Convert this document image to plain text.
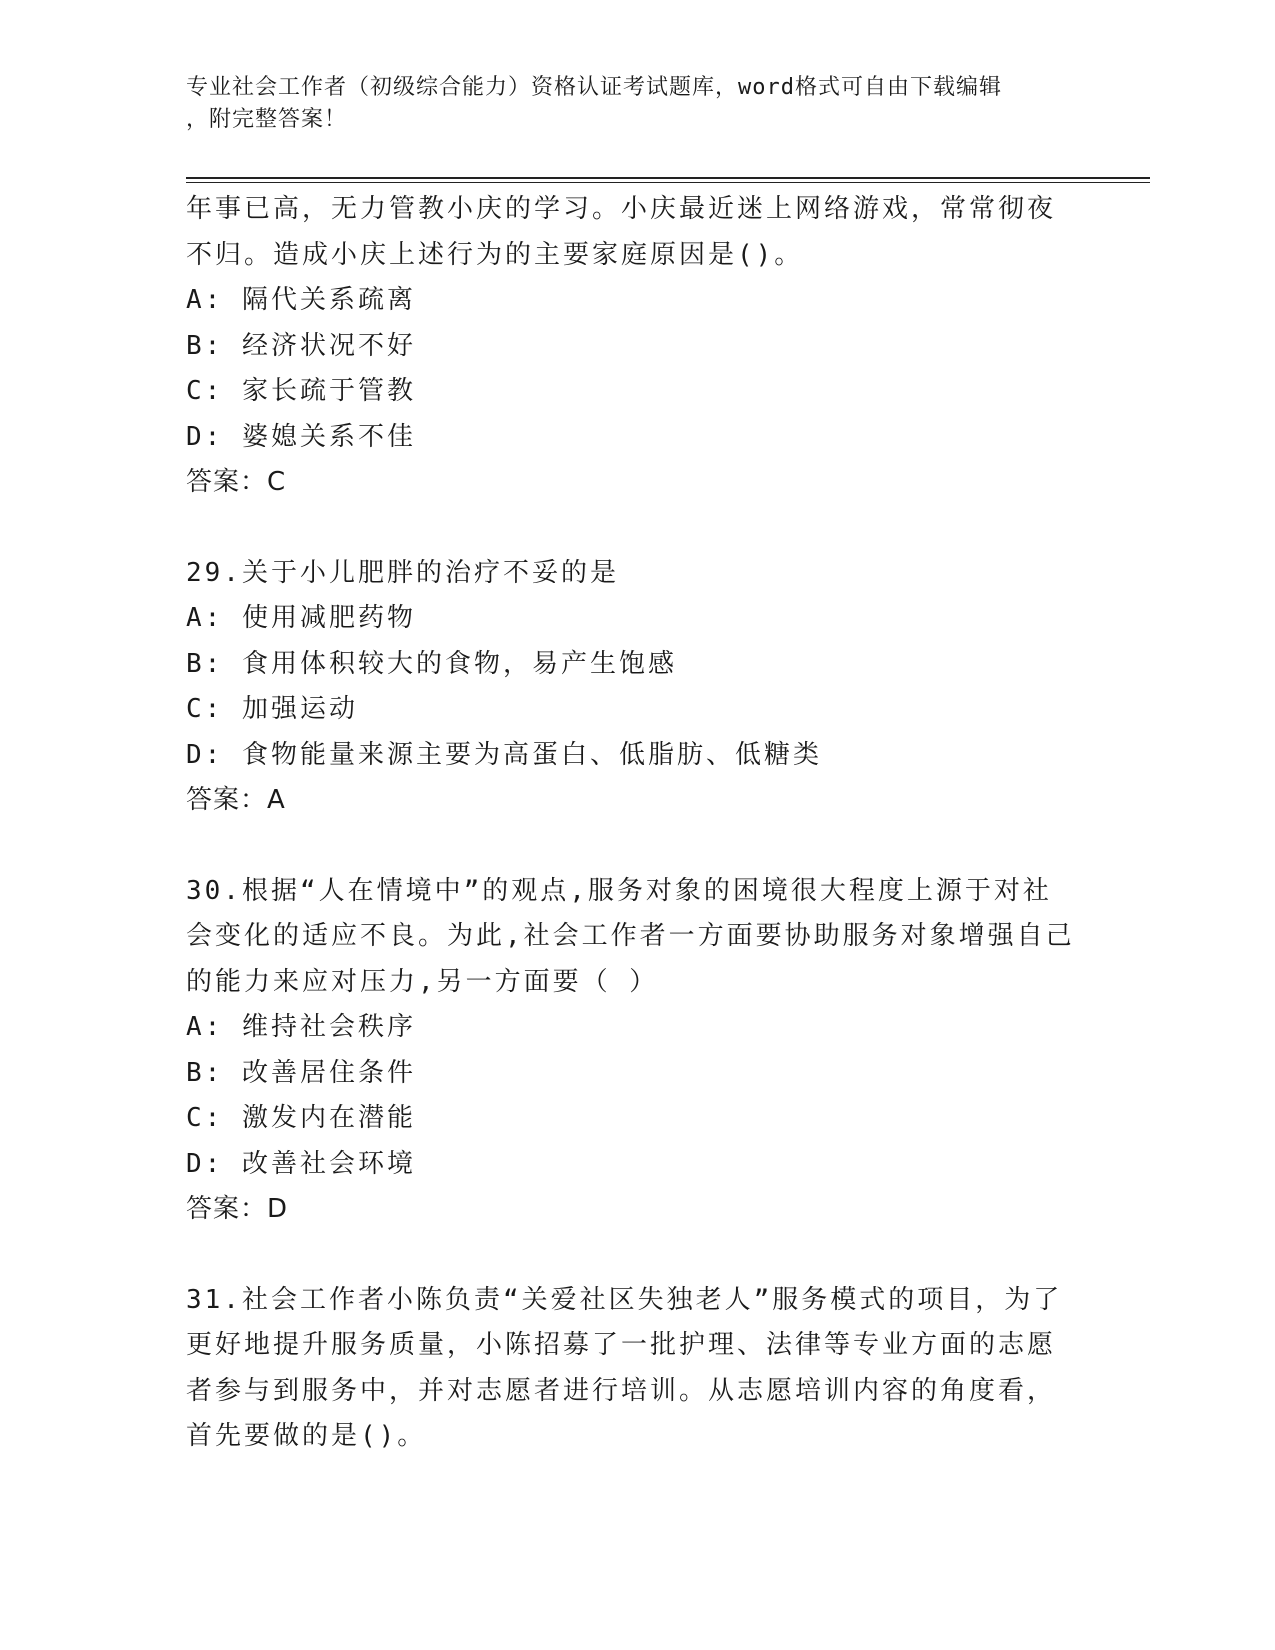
专业社会工作者（初级综合能力）资格认证考试题库，word格式可自由下载编辑
，附完整答案！
年事已高，无力管教小庆的学习。小庆最近迷上网络游戏，常常彻夜
不归。造成小庆上述行为的主要家庭原因是()。
A: 隔代关系疏离
B: 经济状况不好
C: 家长疏于管教
D: 婆媳关系不佳
答案：C
29.关于小儿肥胖的治疗不妥的是
A: 使用减肥药物
B: 食用体积较大的食物，易产生饱感
C: 加强运动
D: 食物能量来源主要为高蛋白、低脂肪、低糖类
答案：A
30.根据“人在情境中”的观点,服务对象的困境很大程度上源于对社
会变化的适应不良。为此,社会工作者一方面要协助服务对象增强自己
的能力来应对压力,另一方面要（ ）
A: 维持社会秩序
B: 改善居住条件
C: 激发内在潜能
D: 改善社会环境
答案：D
31.社会工作者小陈负责“关爱社区失独老人”服务模式的项目，为了
更好地提升服务质量，小陈招募了一批护理、法律等专业方面的志愿
者参与到服务中，并对志愿者进行培训。从志愿培训内容的角度看，
首先要做的是()。
